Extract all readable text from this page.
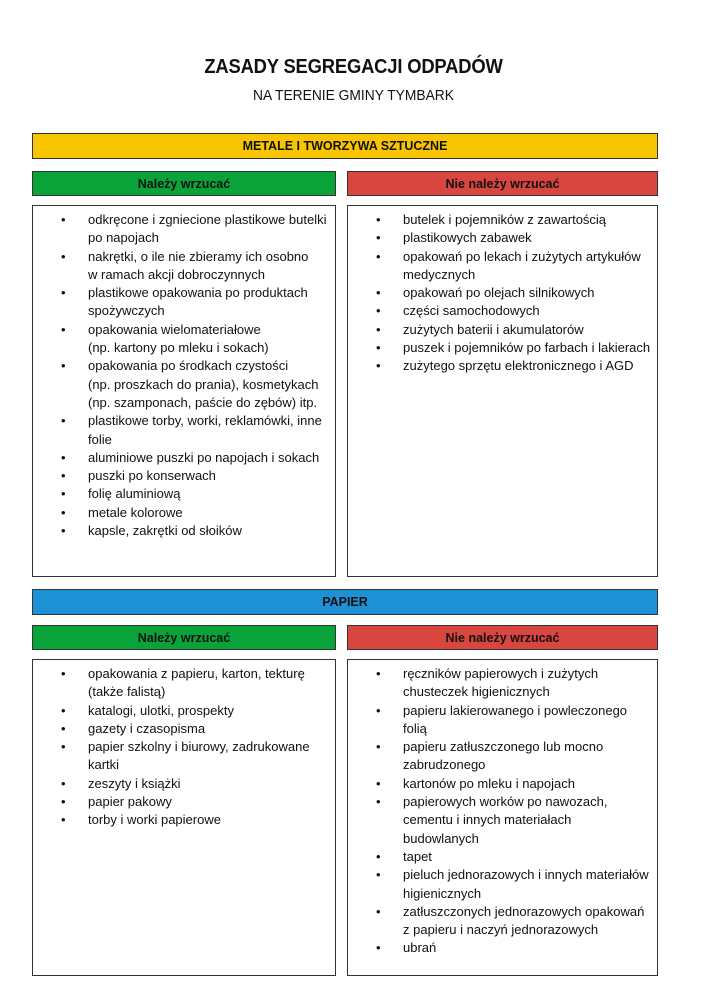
ZASADY SEGREGACJI ODPADÓW
NA TERENIE GMINY TYMBARK
METALE I TWORZYWA SZTUCZNE
Należy wrzucać	Nie należy wrzucać
• odkręcone i zgniecione plastikowe butelki
po napojach
• nakrętki, o ile nie zbieramy ich osobno
w ramach akcji dobroczynnych
• plastikowe opakowania po produktach
spożywczych
• opakowania wielomateriałowe
(np. kartony po mleku i sokach)
• opakowania po środkach czystości
(np. proszkach do prania), kosmetykach
(np. szamponach, paście do zębów) itp.
• plastikowe torby, worki, reklamówki, inne
folie
• aluminiowe puszki po napojach i sokach
• puszki po konserwach
• folię aluminiową
• metale kolorowe
• kapsle, zakrętki od słoików
• butelek i pojemników z zawartością
• plastikowych zabawek
• opakowań po lekach i zużytych artykułów
medycznych
• opakowań po olejach silnikowych
• części samochodowych
• zużytych baterii i akumulatorów
• puszek i pojemników po farbach i lakierach
• zużytego sprzętu elektronicznego i AGD
PAPIER
Należy wrzucać	Nie należy wrzucać
• opakowania z papieru, karton, tekturę
(także falistą)
• katalogi, ulotki, prospekty
• gazety i czasopisma
• papier szkolny i biurowy, zadrukowane
kartki
• zeszyty i książki
• papier pakowy
• torby i worki papierowe
• ręczników papierowych i zużytych
chusteczek higienicznych
• papieru lakierowanego i powleczonego
folią
• papieru zatłuszczonego lub mocno
zabrudzonego
• kartonów po mleku i napojach
• papierowych worków po nawozach,
cementu i innych materiałach
budowlanych
• tapet
• pieluch jednorazowych i innych materiałów
higienicznych
• zatłuszczonych jednorazowych opakowań
z papieru i naczyń jednorazowych
• ubrań
